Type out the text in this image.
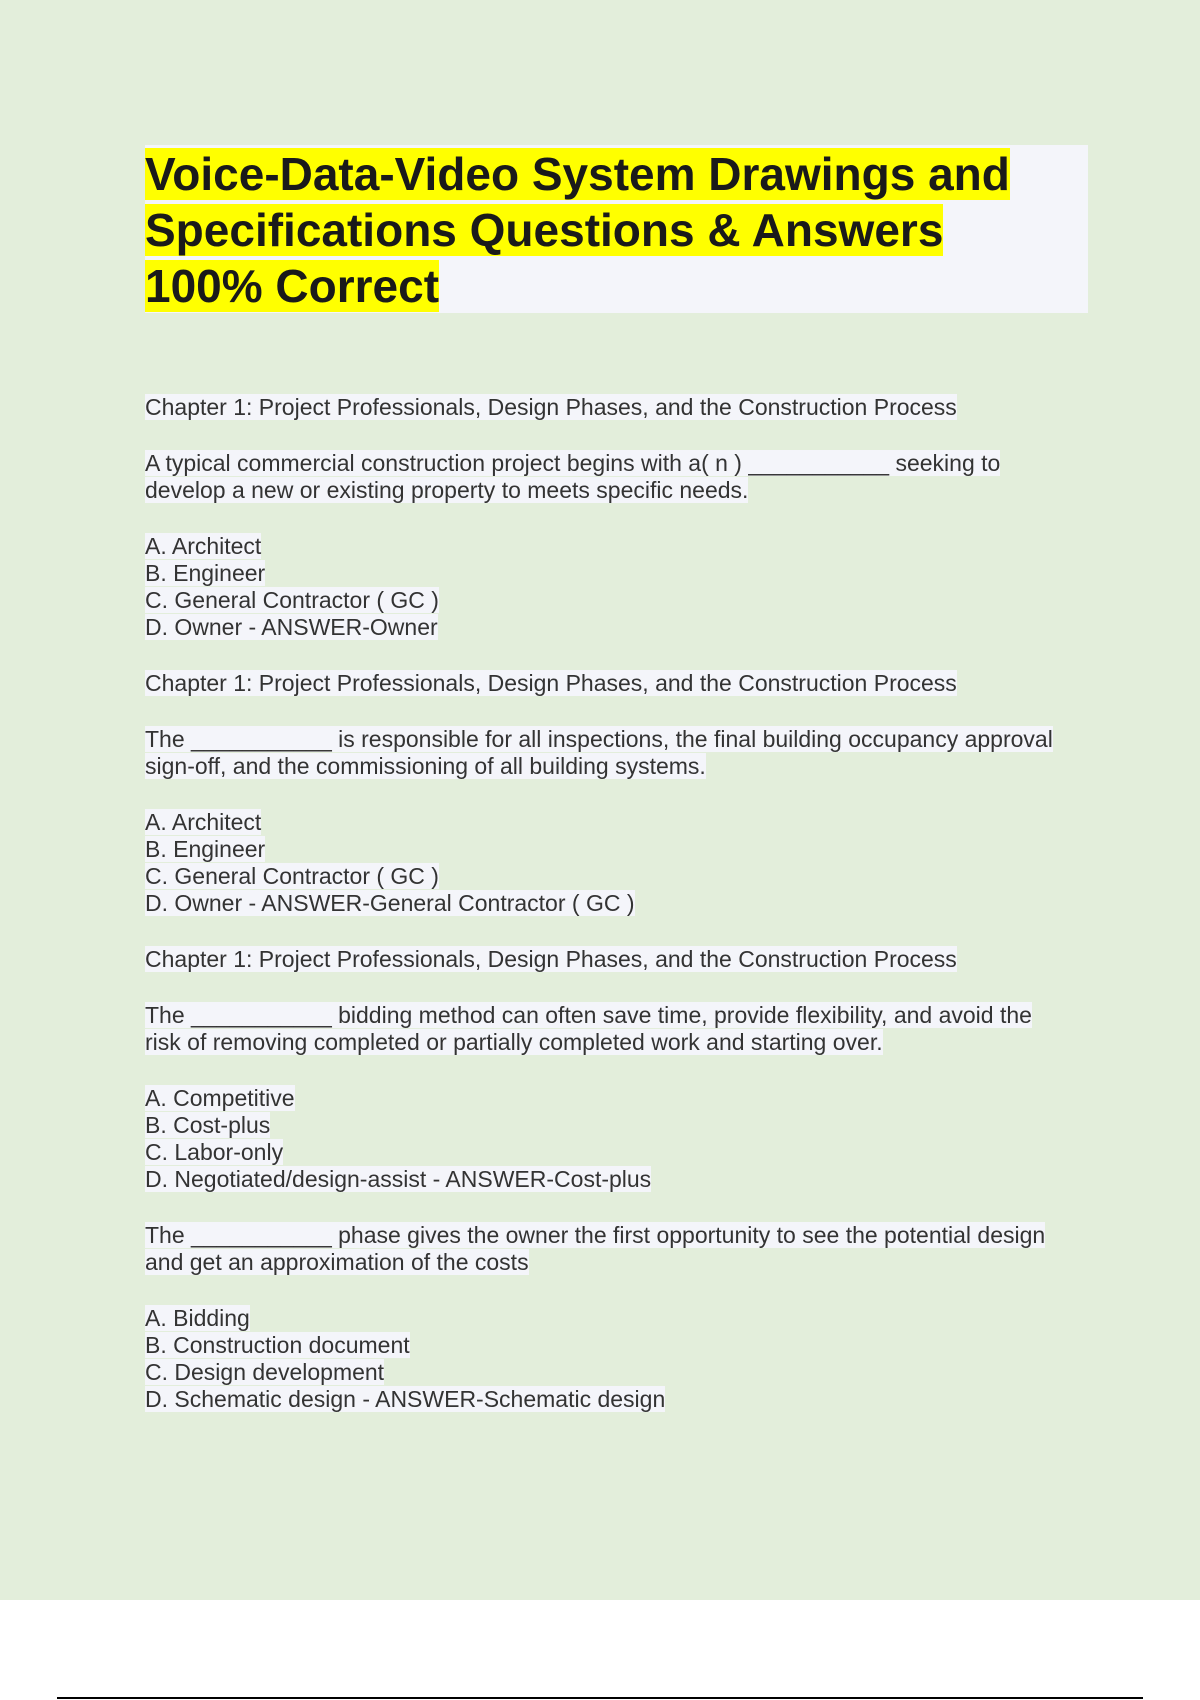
Voice-Data-Video System Drawings and
Specifications Questions & Answers
100% Correct

Chapter 1: Project Professionals, Design Phases, and the Construction Process

A typical commercial construction project begins with a( n ) ___________ seeking to
develop a new or existing property to meets specific needs.

A. Architect
B. Engineer
C. General Contractor ( GC )
D. Owner - ANSWER-Owner

Chapter 1: Project Professionals, Design Phases, and the Construction Process

The ___________ is responsible for all inspections, the final building occupancy approval
sign-off, and the commissioning of all building systems.

A. Architect
B. Engineer
C. General Contractor ( GC )
D. Owner - ANSWER-General Contractor ( GC )

Chapter 1: Project Professionals, Design Phases, and the Construction Process

The ___________ bidding method can often save time, provide flexibility, and avoid the
risk of removing completed or partially completed work and starting over.

A. Competitive
B. Cost-plus
C. Labor-only
D. Negotiated/design-assist - ANSWER-Cost-plus

The ___________ phase gives the owner the first opportunity to see the potential design
and get an approximation of the costs

A. Bidding
B. Construction document
C. Design development
D. Schematic design - ANSWER-Schematic design
